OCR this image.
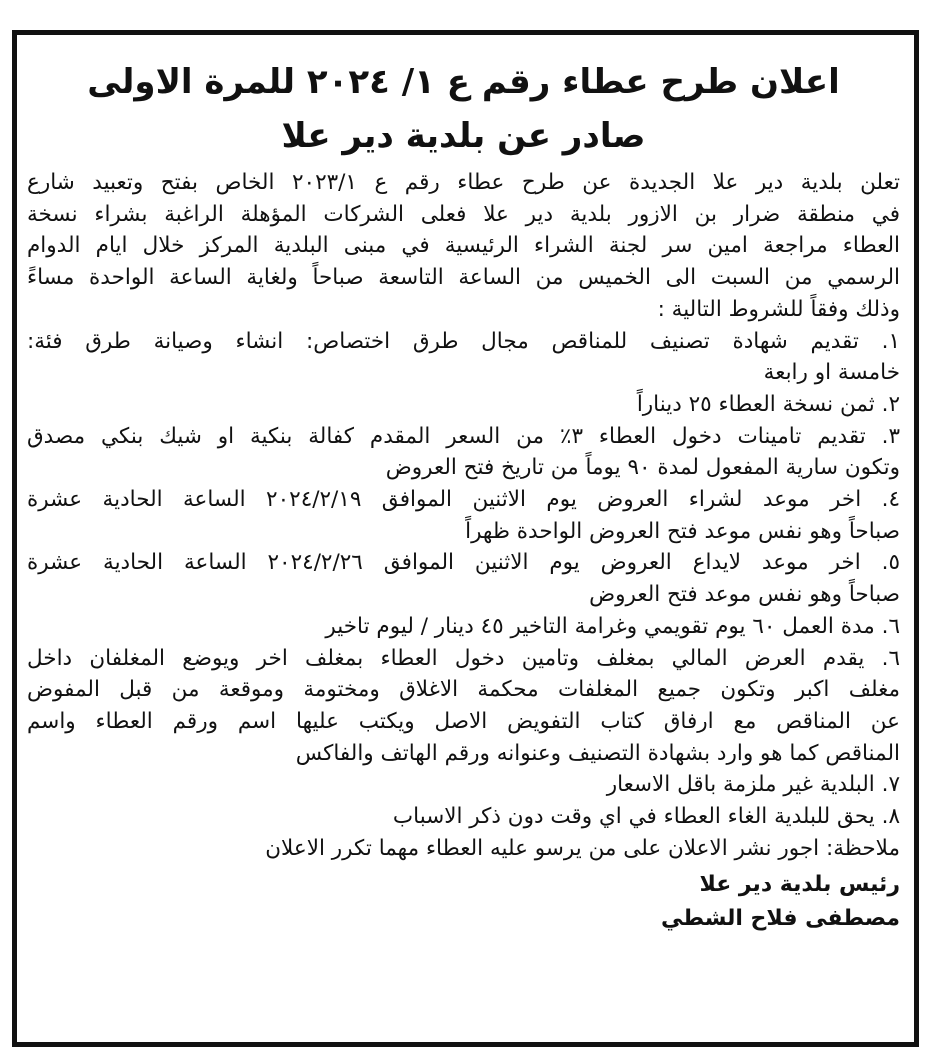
اعلان طرح عطاء رقم ع ١/ ٢٠٢٤ للمرة الاولى
صادر عن بلدية دير علا
تعلن بلدية دير علا الجديدة عن طرح عطاء رقم ع ٢٠٢٣/١ الخاص بفتح وتعبيد شارع
في منطقة ضرار بن الازور بلدية دير علا فعلى الشركات المؤهلة الراغبة بشراء نسخة
العطاء مراجعة امين سر لجنة الشراء الرئيسية في مبنى البلدية المركز خلال ايام الدوام
الرسمي من السبت الى الخميس من الساعة التاسعة صباحاً ولغاية الساعة الواحدة مساءً
وذلك وفقاً للشروط التالية :
١. تقديم شهادة تصنيف للمناقص مجال طرق اختصاص: انشاء وصيانة طرق فئة:
خامسة او رابعة
٢. ثمن نسخة العطاء ٢٥ ديناراً
٣. تقديم تامينات دخول العطاء ٣٪ من السعر المقدم كفالة بنكية او شيك بنكي مصدق
وتكون سارية المفعول لمدة ٩٠ يوماً من تاريخ فتح العروض
٤. اخر موعد لشراء العروض يوم الاثنين الموافق ٢٠٢٤/٢/١٩ الساعة الحادية عشرة
صباحاً وهو نفس موعد فتح العروض الواحدة ظهراً
٥. اخر موعد لايداع العروض يوم الاثنين الموافق ٢٠٢٤/٢/٢٦ الساعة الحادية عشرة
صباحاً وهو نفس موعد فتح العروض
٦. مدة العمل ٦٠ يوم تقويمي وغرامة التاخير ٤٥ دينار / ليوم تاخير
٦. يقدم العرض المالي بمغلف وتامين دخول العطاء بمغلف اخر ويوضع المغلفان داخل
مغلف اكبر وتكون جميع المغلفات محكمة الاغلاق ومختومة وموقعة من قبل المفوض
عن المناقص مع ارفاق كتاب التفويض الاصل ويكتب عليها اسم ورقم العطاء واسم
المناقص كما هو وارد بشهادة التصنيف وعنوانه ورقم الهاتف والفاكس
٧. البلدية غير ملزمة باقل الاسعار
٨. يحق للبلدية الغاء العطاء في اي وقت دون ذكر الاسباب
ملاحظة: اجور نشر الاعلان على من يرسو عليه العطاء مهما تكرر الاعلان
رئيس بلدية دير علا
مصطفى فلاح الشطي
